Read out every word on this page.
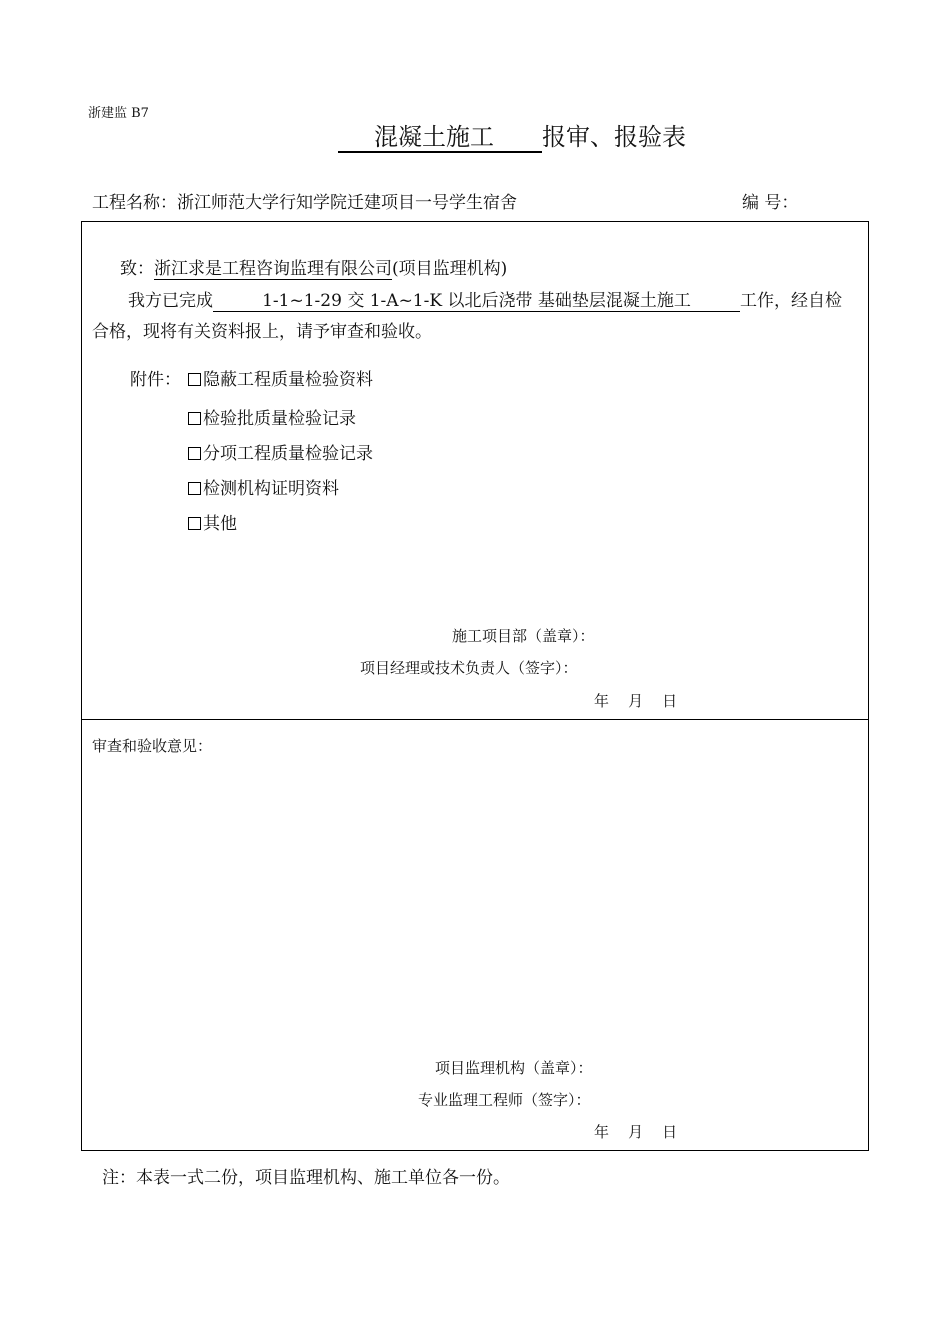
浙建监 B7
混凝土施工 报审、报验表
工程名称：浙江师范大学行知学院迁建项目一号学生宿舍	编 号：
致：浙江求是工程咨询监理有限公司(项目监理机构)
我方已完成	1-1~1-29 交 1-A~1-K 以北后浇带 基础垫层混凝土施工	工作，经自检
合格，现将有关资料报上，请予审查和验收。
附件：	隐蔽工程质量检验资料
检验批质量检验记录
分项工程质量检验记录
检测机构证明资料
其他
施工项目部（盖章）：
项目经理或技术负责人（签字）：
年    月    日
审查和验收意见：
项目监理机构（盖章）：
专业监理工程师（签字）：
年    月    日
注：本表一式二份，项目监理机构、施工单位各一份。
